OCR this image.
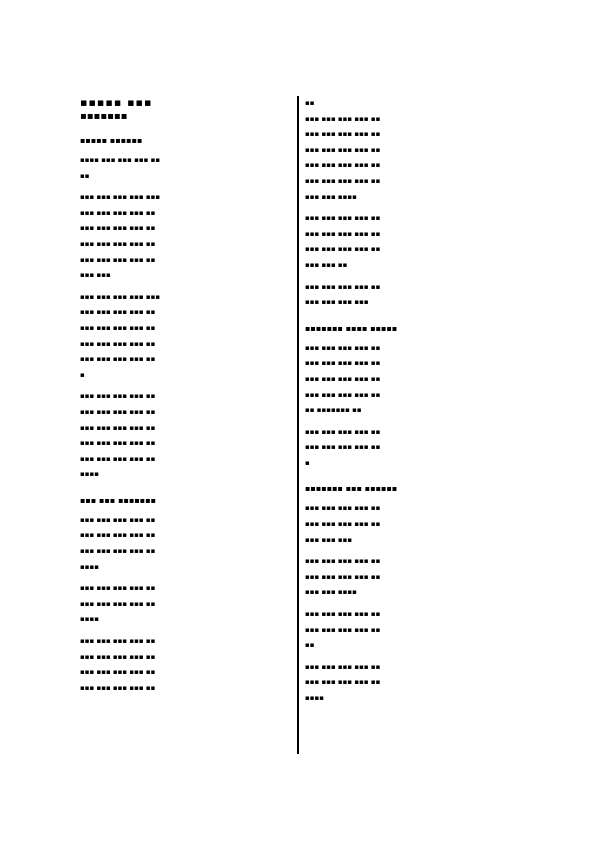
▪▪▪▪▪ ▪▪▪
▪▪▪▪▪▪▪
▪▪▪▪▪ ▪▪▪▪▪▪
▪▪▪▪ ▪▪▪ ▪▪▪ ▪▪▪ ▪▪
▪▪
▪▪▪ ▪▪▪ ▪▪▪ ▪▪▪ ▪▪▪
▪▪▪ ▪▪▪ ▪▪▪ ▪▪▪ ▪▪
▪▪▪ ▪▪▪ ▪▪▪ ▪▪▪ ▪▪
▪▪▪ ▪▪▪ ▪▪▪ ▪▪▪ ▪▪
▪▪▪ ▪▪▪ ▪▪▪ ▪▪▪ ▪▪
▪▪▪ ▪▪▪
▪▪▪ ▪▪▪ ▪▪▪ ▪▪▪ ▪▪▪
▪▪▪ ▪▪▪ ▪▪▪ ▪▪▪ ▪▪
▪▪▪ ▪▪▪ ▪▪▪ ▪▪▪ ▪▪
▪▪▪ ▪▪▪ ▪▪▪ ▪▪▪ ▪▪
▪▪▪ ▪▪▪ ▪▪▪ ▪▪▪ ▪▪
▪
▪▪▪ ▪▪▪ ▪▪▪ ▪▪▪ ▪▪
▪▪▪ ▪▪▪ ▪▪▪ ▪▪▪ ▪▪
▪▪▪ ▪▪▪ ▪▪▪ ▪▪▪ ▪▪
▪▪▪ ▪▪▪ ▪▪▪ ▪▪▪ ▪▪
▪▪▪ ▪▪▪ ▪▪▪ ▪▪▪ ▪▪
▪▪▪▪
▪▪▪ ▪▪▪ ▪▪▪▪▪▪▪
▪▪▪ ▪▪▪ ▪▪▪ ▪▪▪ ▪▪
▪▪▪ ▪▪▪ ▪▪▪ ▪▪▪ ▪▪
▪▪▪ ▪▪▪ ▪▪▪ ▪▪▪ ▪▪
▪▪▪▪
▪▪▪ ▪▪▪ ▪▪▪ ▪▪▪ ▪▪
▪▪▪ ▪▪▪ ▪▪▪ ▪▪▪ ▪▪
▪▪▪▪
▪▪▪ ▪▪▪ ▪▪▪ ▪▪▪ ▪▪
▪▪▪ ▪▪▪ ▪▪▪ ▪▪▪ ▪▪
▪▪▪ ▪▪▪ ▪▪▪ ▪▪▪ ▪▪
▪▪▪ ▪▪▪ ▪▪▪ ▪▪▪ ▪▪
▪▪
▪▪▪ ▪▪▪ ▪▪▪ ▪▪▪ ▪▪
▪▪▪ ▪▪▪ ▪▪▪ ▪▪▪ ▪▪
▪▪▪ ▪▪▪ ▪▪▪ ▪▪▪ ▪▪
▪▪▪ ▪▪▪ ▪▪▪ ▪▪▪ ▪▪
▪▪▪ ▪▪▪ ▪▪▪ ▪▪▪ ▪▪
▪▪▪ ▪▪▪ ▪▪▪▪
▪▪▪ ▪▪▪ ▪▪▪ ▪▪▪ ▪▪
▪▪▪ ▪▪▪ ▪▪▪ ▪▪▪ ▪▪
▪▪▪ ▪▪▪ ▪▪▪ ▪▪▪ ▪▪
▪▪▪ ▪▪▪ ▪▪
▪▪▪ ▪▪▪ ▪▪▪ ▪▪▪ ▪▪
▪▪▪ ▪▪▪ ▪▪▪ ▪▪▪
▪▪▪▪▪▪▪ ▪▪▪▪ ▪▪▪▪▪
▪▪▪ ▪▪▪ ▪▪▪ ▪▪▪ ▪▪
▪▪▪ ▪▪▪ ▪▪▪ ▪▪▪ ▪▪
▪▪▪ ▪▪▪ ▪▪▪ ▪▪▪ ▪▪
▪▪▪ ▪▪▪ ▪▪▪ ▪▪▪ ▪▪
▪▪ ▪▪▪▪▪▪▪ ▪▪
▪▪▪ ▪▪▪ ▪▪▪ ▪▪▪ ▪▪
▪▪▪ ▪▪▪ ▪▪▪ ▪▪▪ ▪▪
▪
▪▪▪▪▪▪▪ ▪▪▪ ▪▪▪▪▪▪
▪▪▪ ▪▪▪ ▪▪▪ ▪▪▪ ▪▪
▪▪▪ ▪▪▪ ▪▪▪ ▪▪▪ ▪▪
▪▪▪ ▪▪▪ ▪▪▪
▪▪▪ ▪▪▪ ▪▪▪ ▪▪▪ ▪▪
▪▪▪ ▪▪▪ ▪▪▪ ▪▪▪ ▪▪
▪▪▪ ▪▪▪ ▪▪▪▪
▪▪▪ ▪▪▪ ▪▪▪ ▪▪▪ ▪▪
▪▪▪ ▪▪▪ ▪▪▪ ▪▪▪ ▪▪
▪▪
▪▪▪ ▪▪▪ ▪▪▪ ▪▪▪ ▪▪
▪▪▪ ▪▪▪ ▪▪▪ ▪▪▪ ▪▪
▪▪▪▪
